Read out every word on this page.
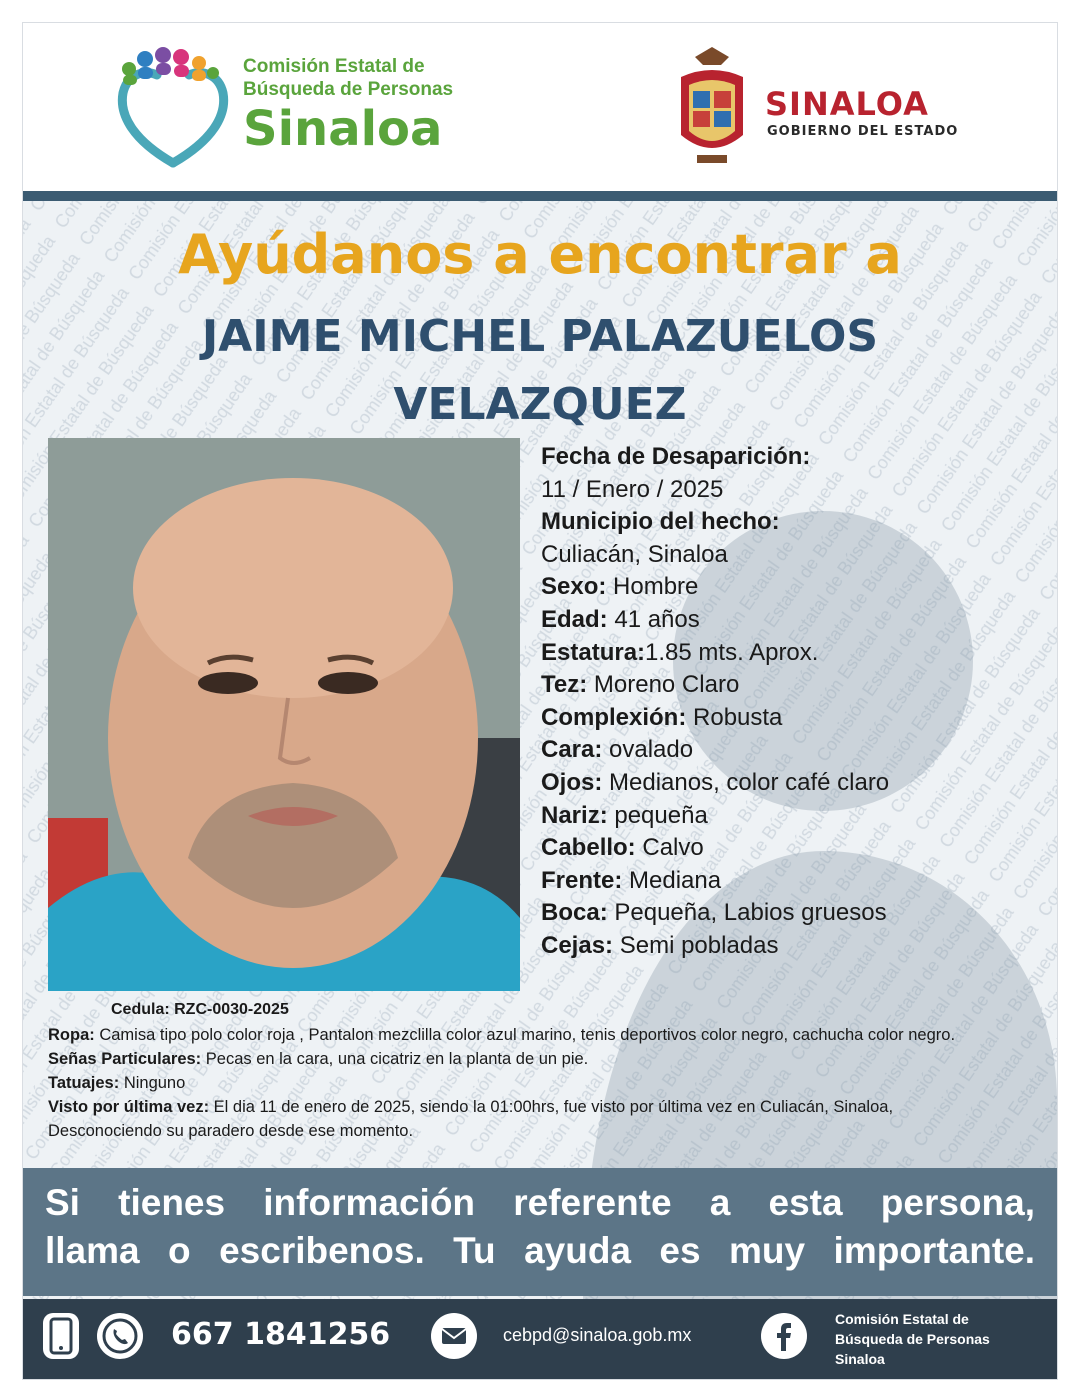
Comisión Estatal de
Búsqueda de Personas
Sinaloa	SINALOA
GOBIERNO DEL ESTADO
Ayúdanos a encontrar a
JAIME MICHEL PALAZUELOS
VELAZQUEZ
Fecha de Desaparición:
11 / Enero / 2025
Municipio del hecho:
Culiacán, Sinaloa
Sexo: Hombre
Edad: 41 años
Estatura:1.85 mts. Aprox.
Tez: Moreno Claro
Complexión: Robusta
Cara: ovalado
Ojos: Medianos, color café claro
Nariz: pequeña
Cabello: Calvo
Frente: Mediana
Boca: Pequeña, Labios gruesos
Cejas: Semi pobladas
Cedula: RZC-0030-2025

Ropa: Camisa tipo polo color roja , Pantalon mezclilla color azul marino, tenis deportivos color negro, cachucha color negro.

Señas Particulares: Pecas en la cara, una cicatriz en la planta de un pie.

Tatuajes: Ninguno

Visto por última vez: El dia 11 de enero de 2025, siendo la 01:00hrs, fue visto por última vez en Culiacán, Sinaloa, Desconociendo su paradero desde ese momento.

Si tienes información referente a esta persona,
llama o escribenos. Tu ayuda es muy importante.
667 1841256	cebpd@sinaloa.gob.mx
Comisión Estatal de
Búsqueda de Personas
Sinaloa
